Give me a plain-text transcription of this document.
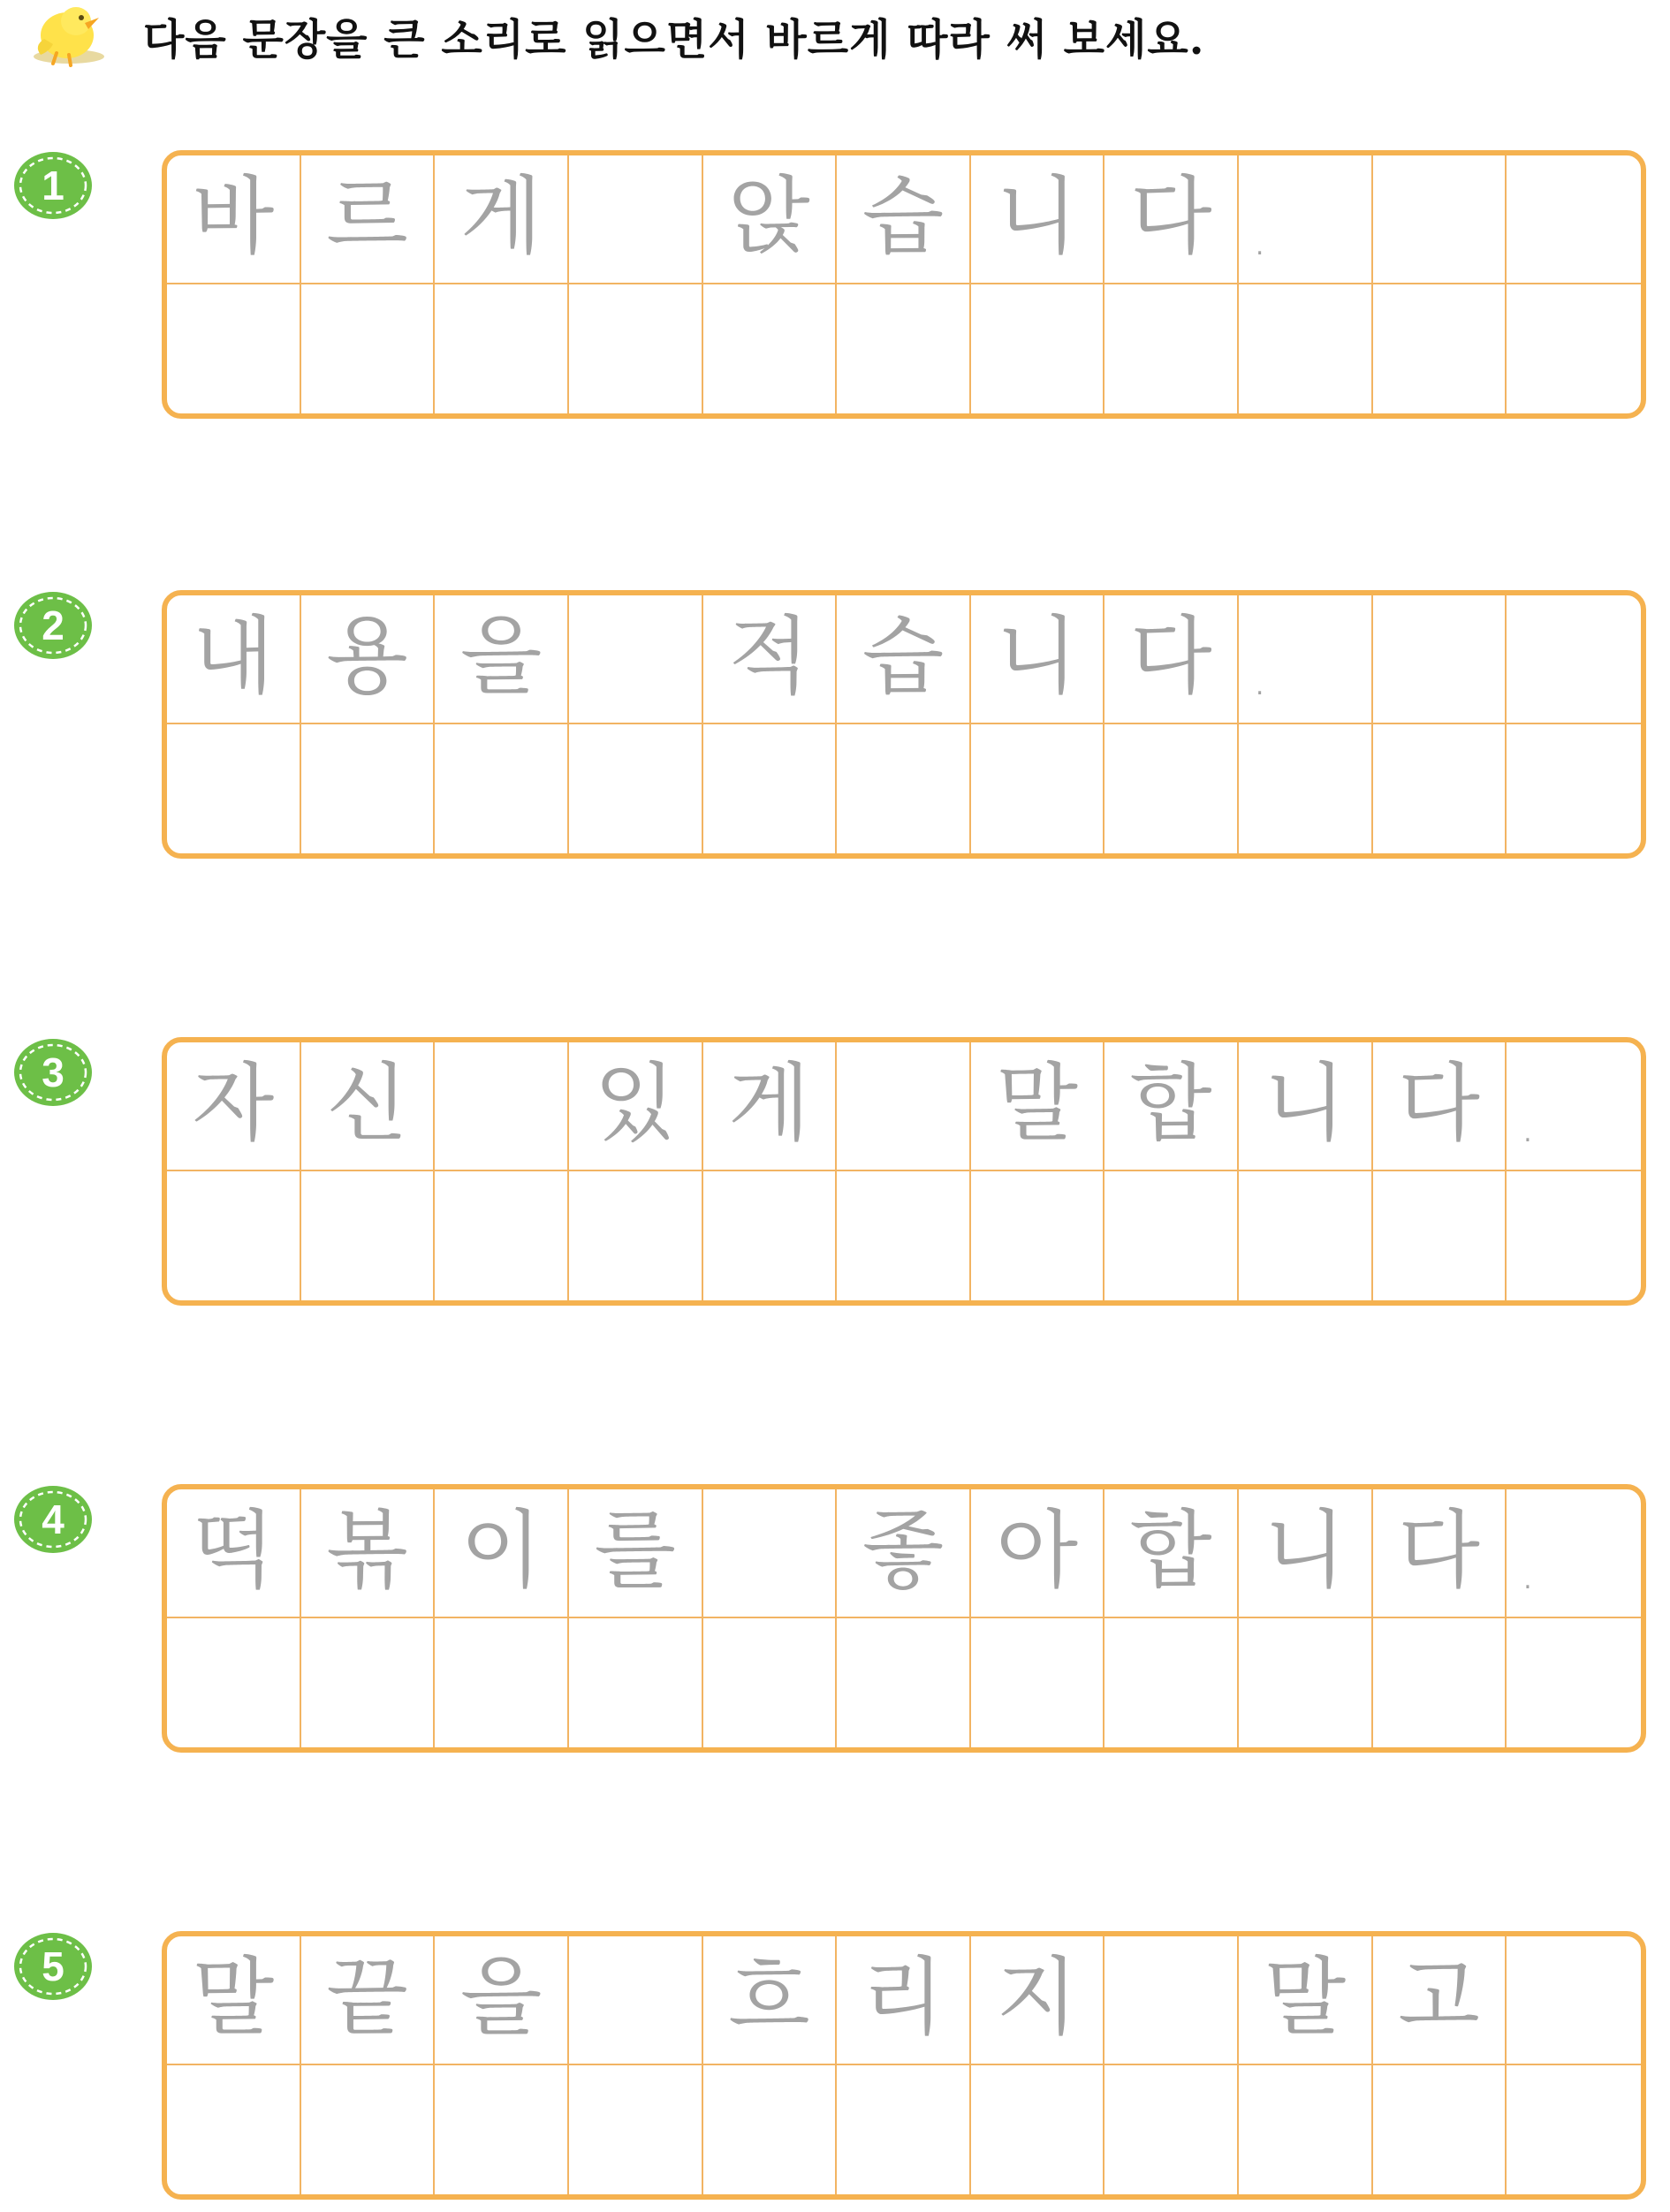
다음 문장을 큰 소리로 읽으면서 바르게 따라 써 보세요.
1 바 르 게	앉 습 니 다 .
2 내 용 을	적 습 니 다 .
3 자 신	있 게	말 합 니 다 .
4 떡 볶 이 를	좋 아 합 니 다 .
5 말 끝 을	흐 리 지	말 고
